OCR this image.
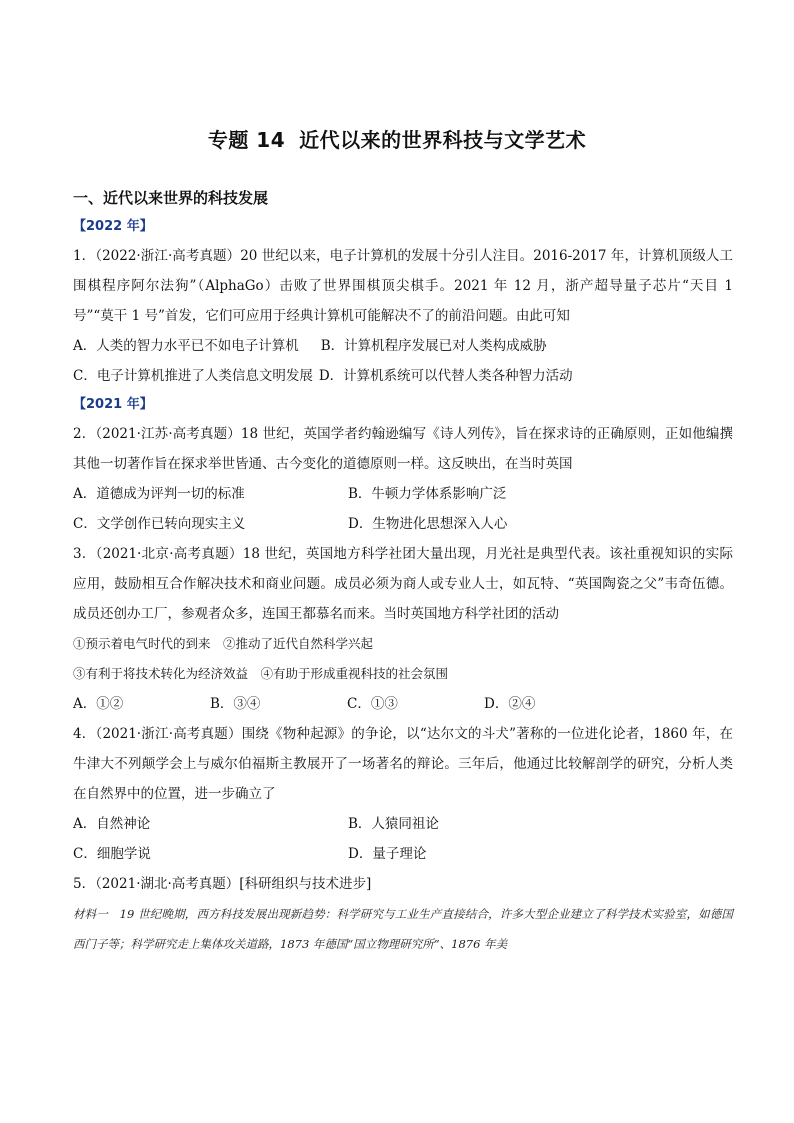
专题 14 近代以来的世界科技与文学艺术
一、近代以来世界的科技发展
【2022 年】

1．（2022·浙江·高考真题）20 世纪以来，电子计算机的发展十分引人注目。2016-2017 年，计算机顶级人工围棋程序阿尔法狗”（AlphaGo）击败了世界围棋顶尖棋手。2021 年 12 月，浙产超导量子芯片“天目 1 号”“莫干 1 号”首发，它们可应用于经典计算机可能解决不了的前沿问题。由此可知

A．人类的智力水平已不如电子计算机 B．计算机程序发展已对人类构成威胁
C．电子计算机推进了人类信息文明发展 D．计算机系统可以代替人类各种智力活动
【2021 年】

2．（2021·江苏·高考真题）18 世纪，英国学者约翰逊编写《诗人列传》，旨在探求诗的正确原则，正如他编撰其他一切著作旨在探求举世皆通、古今变化的道德原则一样。这反映出，在当时英国

A．道德成为评判一切的标准	B．牛顿力学体系影响广泛
C．文学创作已转向现实主义	D．生物进化思想深入人心

3．（2021·北京·高考真题）18 世纪，英国地方科学社团大量出现，月光社是典型代表。该社重视知识的实际应用，鼓励相互合作解决技术和商业问题。成员必须为商人或专业人士，如瓦特、“英国陶瓷之父”韦奇伍德。成员还创办工厂，参观者众多，连国王都慕名而来。当时英国地方科学社团的活动

①预示着电气时代的到来　②推动了近代自然科学兴起
③有利于将技术转化为经济效益　④有助于形成重视科技的社会氛围
A．①②	B．③④	C．①③	D．②④

4．（2021·浙江·高考真题）围绕《物种起源》的争论，以“达尔文的斗犬”著称的一位进化论者，1860 年，在牛津大不列颠学会上与威尔伯福斯主教展开了一场著名的辩论。三年后，他通过比较解剖学的研究，分析人类在自然界中的位置，进一步确立了

A．自然神论	B．人猿同祖论
C．细胞学说	D．量子理论

5．（2021·湖北·高考真题）[科研组织与技术进步]

材料一　19 世纪晚期，西方科技发展出现新趋势：科学研究与工业生产直接结合，许多大型企业建立了科学技术实验室，如德国西门子等；科学研究走上集体攻关道路，1873 年德国“国立物理研究所”、1876 年美
